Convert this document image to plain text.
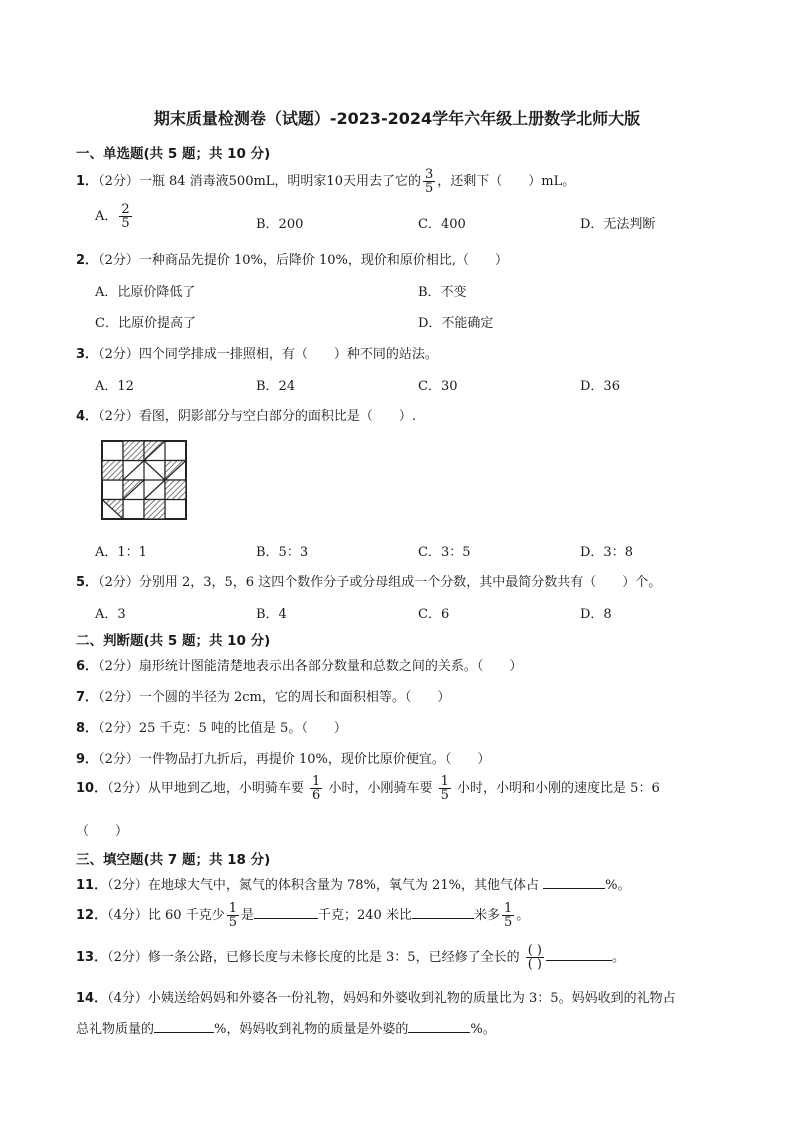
期末质量检测卷（试题）-2023-2024学年六年级上册数学北师大版
一、单选题(共 5 题；共 10 分)
1．（2分）一瓶 84 消毒液500mL，明明家10天用去了它的 $\frac{3}{5}$ ，还剩下（　　）mL。
A． $\frac{2}{5}$	B．200	C．400	D．无法判断
2．（2分）一种商品先提价 10%，后降价 10%，现价和原价相比,（　　）
A．比原价降低了	B．不变
C．比原价提高了	D．不能确定
3．（2分）四个同学排成一排照相，有（　　）种不同的站法。
A．12	B．24	C．30	D．36
4．（2分）看图，阴影部分与空白部分的面积比是（　　）.
A．1：1	B．5：3	C．3：5	D．3：8
5．（2分）分别用 2，3，5，6 这四个数作分子或分母组成一个分数，其中最简分数共有（　　）个。
A．3	B．4	C．6	D．8
二、判断题(共 5 题；共 10 分)
6．（2分）扇形统计图能清楚地表示出各部分数量和总数之间的关系。（　　）
7．（2分）一个圆的半径为 2cm，它的周长和面积相等。（　　）
8．（2分）25 千克：5 吨的比值是 5。（　　）
9．（2分）一件物品打九折后，再提价 10%，现价比原价便宜。（　　）
10．（2分）从甲地到乙地，小明骑车要 $\frac{1}{6}$ 小时，小刚骑车要 $\frac{1}{5}$ 小时，小明和小刚的速度比是 5：6
（　　）
三、填空题(共 7 题；共 18 分)
11．（2分）在地球大气中，氮气的体积含量为 78%，氧气为 21%，其他气体占	%。
12．（4分）比 60 千克少 $\frac{1}{5}$ 是	千克；240 米比	米多 $\frac{1}{5}$ 。
13．（2分）修一条公路，已修长度与未修长度的比是 3：5，已经修了全长的 $\frac{( )}{( )}$	。
14．（4分）小姨送给妈妈和外婆各一份礼物，妈妈和外婆收到礼物的质量比为 3：5。妈妈收到的礼物占
总礼物质量的	%，妈妈收到礼物的质量是外婆的	%。
